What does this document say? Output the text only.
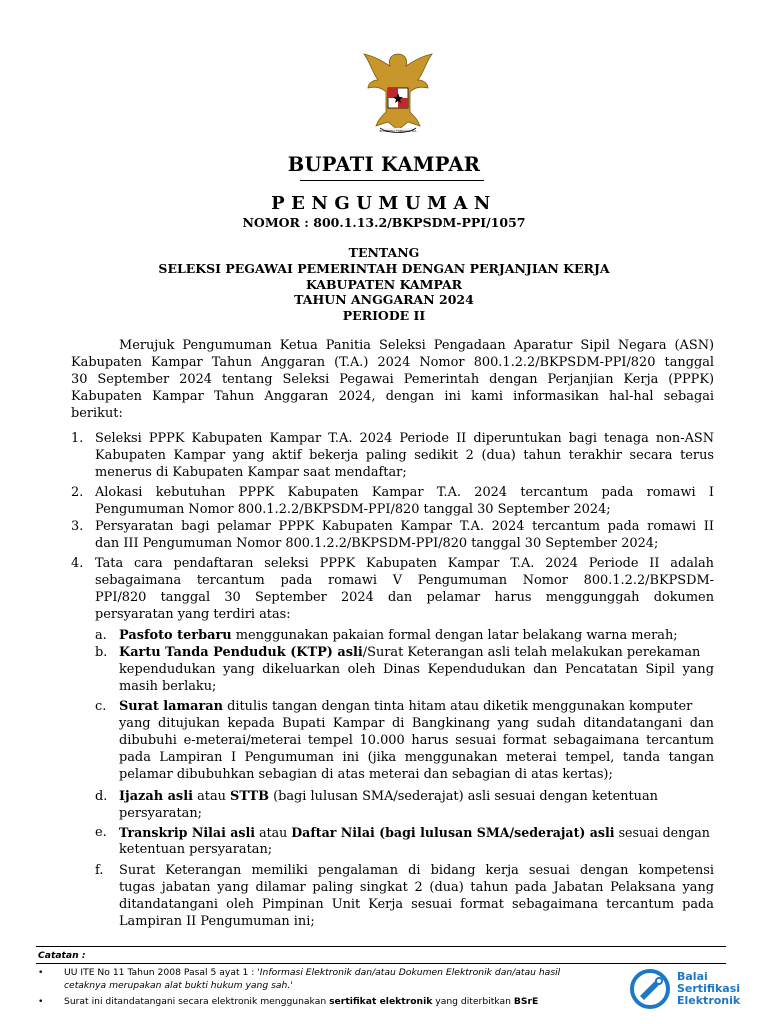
BHINNEKA TUNGGAL IKA
BUPATI KAMPAR
PENGUMUMAN
NOMOR : 800.1.13.2/BKPSDM-PPI/1057
TENTANG
SELEKSI PEGAWAI PEMERINTAH DENGAN PERJANJIAN KERJA
KABUPATEN KAMPAR
TAHUN ANGGARAN 2024
PERIODE II
Merujuk Pengumuman Ketua Panitia Seleksi Pengadaan Aparatur Sipil Negara (ASN)
Kabupaten Kampar Tahun Anggaran (T.A.) 2024 Nomor 800.1.2.2/BKPSDM-PPI/820 tanggal
30 September 2024 tentang Seleksi Pegawai Pemerintah dengan Perjanjian Kerja (PPPK)
Kabupaten Kampar Tahun Anggaran 2024, dengan ini kami informasikan hal-hal sebagai
berikut:
1. Seleksi PPPK Kabupaten Kampar T.A. 2024 Periode II diperuntukan bagi tenaga non-ASN
Kabupaten Kampar yang aktif bekerja paling sedikit 2 (dua) tahun terakhir secara terus
menerus di Kabupaten Kampar saat mendaftar;
2. Alokasi kebutuhan PPPK Kabupaten Kampar T.A. 2024 tercantum pada romawi I
Pengumuman Nomor 800.1.2.2/BKPSDM-PPI/820 tanggal 30 September 2024;
3. Persyaratan bagi pelamar PPPK Kabupaten Kampar T.A. 2024 tercantum pada romawi II
dan III Pengumuman Nomor 800.1.2.2/BKPSDM-PPI/820 tanggal 30 September 2024;
4. Tata cara pendaftaran seleksi PPPK Kabupaten Kampar T.A. 2024 Periode II adalah
sebagaimana tercantum pada romawi V Pengumuman Nomor 800.1.2.2/BKPSDM-
PPI/820 tanggal 30 September 2024 dan pelamar harus menggunggah dokumen
persyaratan yang terdiri atas:
a. Pasfoto terbaru menggunakan pakaian formal dengan latar belakang warna merah;
b. Kartu Tanda Penduduk (KTP) asli/Surat Keterangan asli telah melakukan perekaman
kependudukan yang dikeluarkan oleh Dinas Kependudukan dan Pencatatan Sipil yang
masih berlaku;
c. Surat lamaran ditulis tangan dengan tinta hitam atau diketik menggunakan komputer
yang ditujukan kepada Bupati Kampar di Bangkinang yang sudah ditandatangani dan
dibubuhi e-meterai/meterai tempel 10.000 harus sesuai format sebagaimana tercantum
pada Lampiran I Pengumuman ini (jika menggunakan meterai tempel, tanda tangan
pelamar dibubuhkan sebagian di atas meterai dan sebagian di atas kertas);
d. Ijazah asli atau STTB (bagi lulusan SMA/sederajat) asli sesuai dengan ketentuan
persyaratan;
e. Transkrip Nilai asli atau Daftar Nilai (bagi lulusan SMA/sederajat) asli sesuai dengan
ketentuan persyaratan;
f. Surat Keterangan memiliki pengalaman di bidang kerja sesuai dengan kompetensi
tugas jabatan yang dilamar paling singkat 2 (dua) tahun pada Jabatan Pelaksana yang
ditandatangani oleh Pimpinan Unit Kerja sesuai format sebagaimana tercantum pada
Lampiran II Pengumuman ini;
Catatan :
• UU ITE No 11 Tahun 2008 Pasal 5 ayat 1 : 'Informasi Elektronik dan/atau Dokumen Elektronik dan/atau hasil
cetaknya merupakan alat bukti hukum yang sah.'
• Surat ini ditandatangani secara elektronik menggunakan sertifikat elektronik yang diterbitkan BSrE
Balai
Sertifikasi
Elektronik
